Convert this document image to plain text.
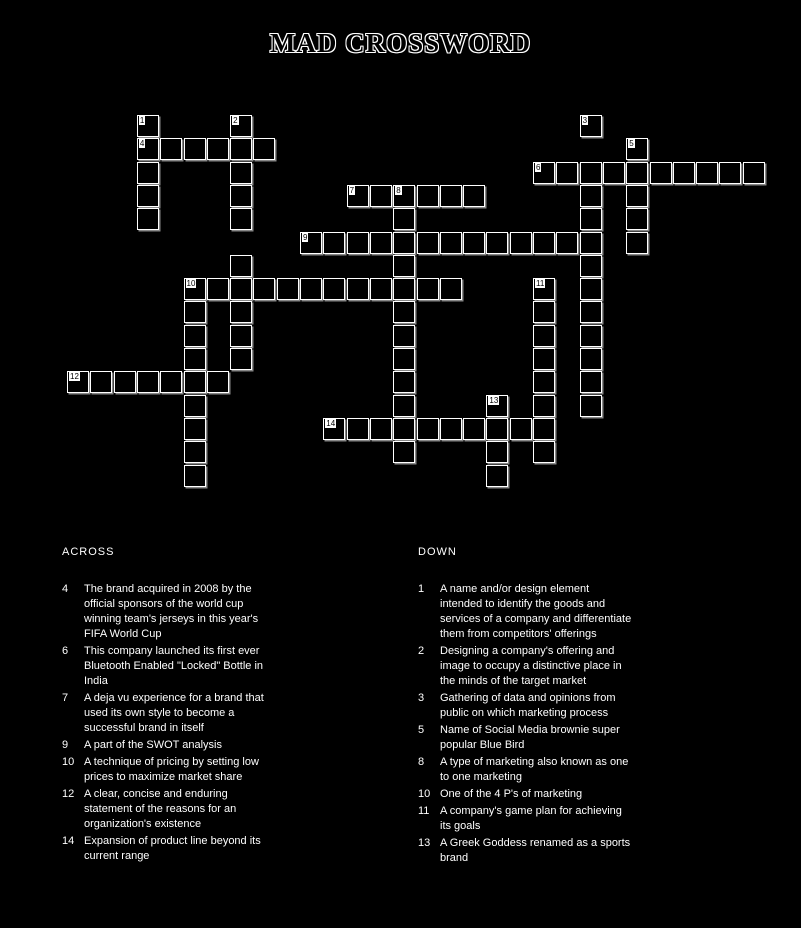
MAD CROSSWORD
1	2	3
4	5
6
7	8
9
10	11
12
13
14
ACROSS
4	The brand acquired in 2008 by the official sponsors of the world cup winning team's jerseys in this year's FIFA World Cup
6	This company launched its first ever Bluetooth Enabled "Locked" Bottle in India
7	A deja vu experience for a brand that used its own style to become a successful brand in itself
9	A part of the SWOT analysis
10 A technique of pricing by setting low prices to maximize market share
12 A clear, concise and enduring statement of the reasons for an organization's existence
14 Expansion of product line beyond its current range
DOWN
1	A name and/or design element intended to identify the goods and services of a company and differentiate them from competitors' offerings
2	Designing a company's offering and image to occupy a distinctive place in the minds of the target market
3	Gathering of data and opinions from public on which marketing process
5	Name of Social Media brownie super popular Blue Bird
8	A type of marketing also known as one to one marketing
10 One of the 4 P's of marketing
11 A company's game plan for achieving its goals
13 A Greek Goddess renamed as a sports brand
